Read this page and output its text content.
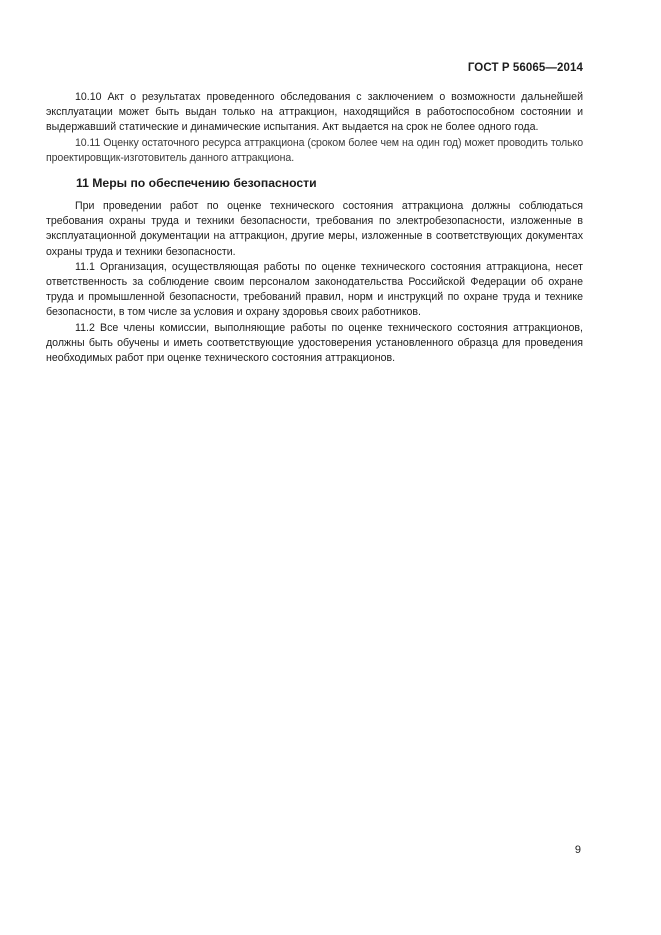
ГОСТ Р 56065—2014

10.10 Акт о результатах проведенного обследования с заключением о возможности дальнейшей эксплуатации может быть выдан только на аттракцион, находящийся в работоспособном состоянии и выдержавший статические и динамические испытания. Акт выдается на срок не более одного года.

10.11 Оценку остаточного ресурса аттракциона (сроком более чем на один год) может проводить только проектировщик-изготовитель данного аттракциона.

11 Меры по обеспечению безопасности

При проведении работ по оценке технического состояния аттракциона должны соблюдаться требования охраны труда и техники безопасности, требования по электробезопасности, изложенные в эксплуатационной документации на аттракцион, другие меры, изложенные в соответствующих документах охраны труда и техники безопасности.

11.1 Организация, осуществляющая работы по оценке технического состояния аттракциона, несет ответственность за соблюдение своим персоналом законодательства Российской Федерации об охране труда и промышленной безопасности, требований правил, норм и инструкций по охране труда и технике безопасности, в том числе за условия и охрану здоровья своих работников.

11.2 Все члены комиссии, выполняющие работы по оценке технического состояния аттракционов, должны быть обучены и иметь соответствующие удостоверения установленного образца для проведения необходимых работ при оценке технического состояния аттракционов.

9
